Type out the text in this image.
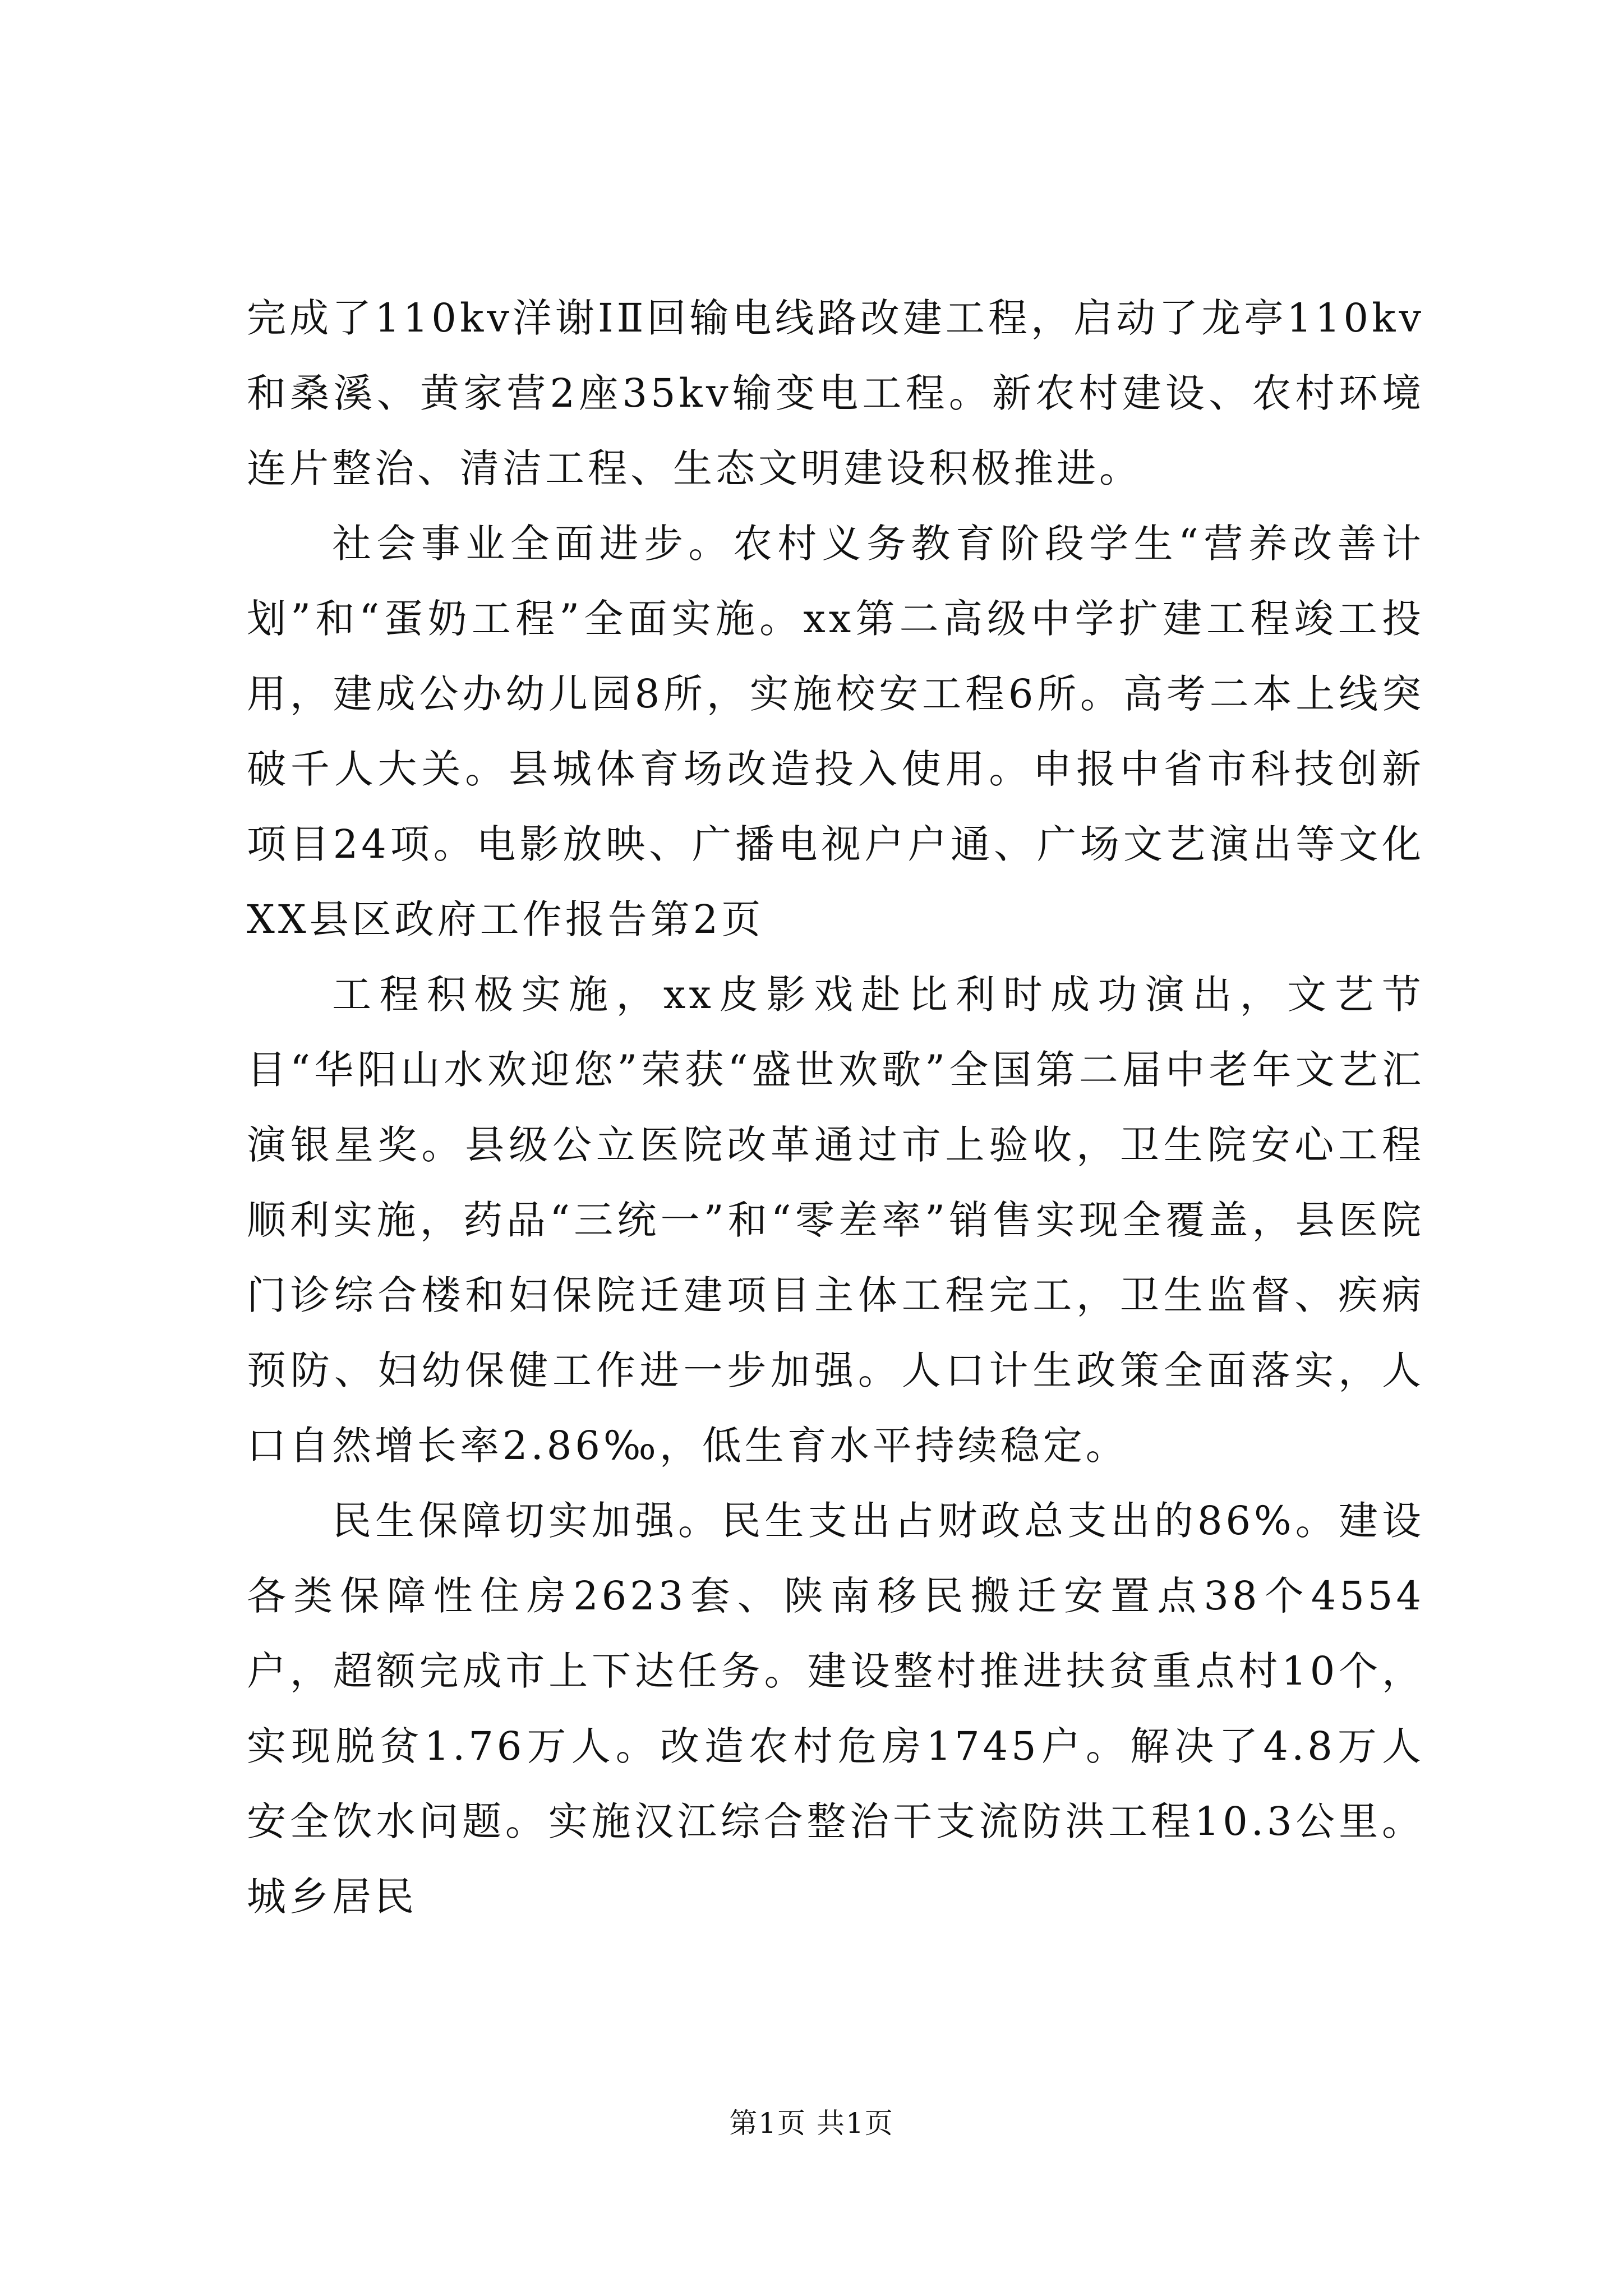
完成了110kv洋谢ⅠⅡ回输电线路改建工程，启动了龙亭110kv和桑溪、黄家营2座35kv输变电工程。新农村建设、农村环境连片整治、清洁工程、生态文明建设积极推进。

社会事业全面进步。农村义务教育阶段学生“营养改善计划”和“蛋奶工程”全面实施。xx第二高级中学扩建工程竣工投用，建成公办幼儿园8所，实施校安工程6所。高考二本上线突破千人大关。县城体育场改造投入使用。申报中省市科技创新项目24项。电影放映、广播电视户户通、广场文艺演出等文化XX县区政府工作报告第2页

工程积极实施，xx皮影戏赴比利时成功演出，文艺节目“华阳山水欢迎您”荣获“盛世欢歌”全国第二届中老年文艺汇演银星奖。县级公立医院改革通过市上验收，卫生院安心工程顺利实施，药品“三统一”和“零差率”销售实现全覆盖，县医院门诊综合楼和妇保院迁建项目主体工程完工，卫生监督、疾病预防、妇幼保健工作进一步加强。人口计生政策全面落实，人口自然增长率2.86‰，低生育水平持续稳定。

民生保障切实加强。民生支出占财政总支出的86%。建设各类保障性住房2623套、陕南移民搬迁安置点38个4554户，超额完成市上下达任务。建设整村推进扶贫重点村10个，实现脱贫1.76万人。改造农村危房1745户。解决了4.8万人安全饮水问题。实施汉江综合整治干支流防洪工程10.3公里。城乡居民

第1页 共1页
